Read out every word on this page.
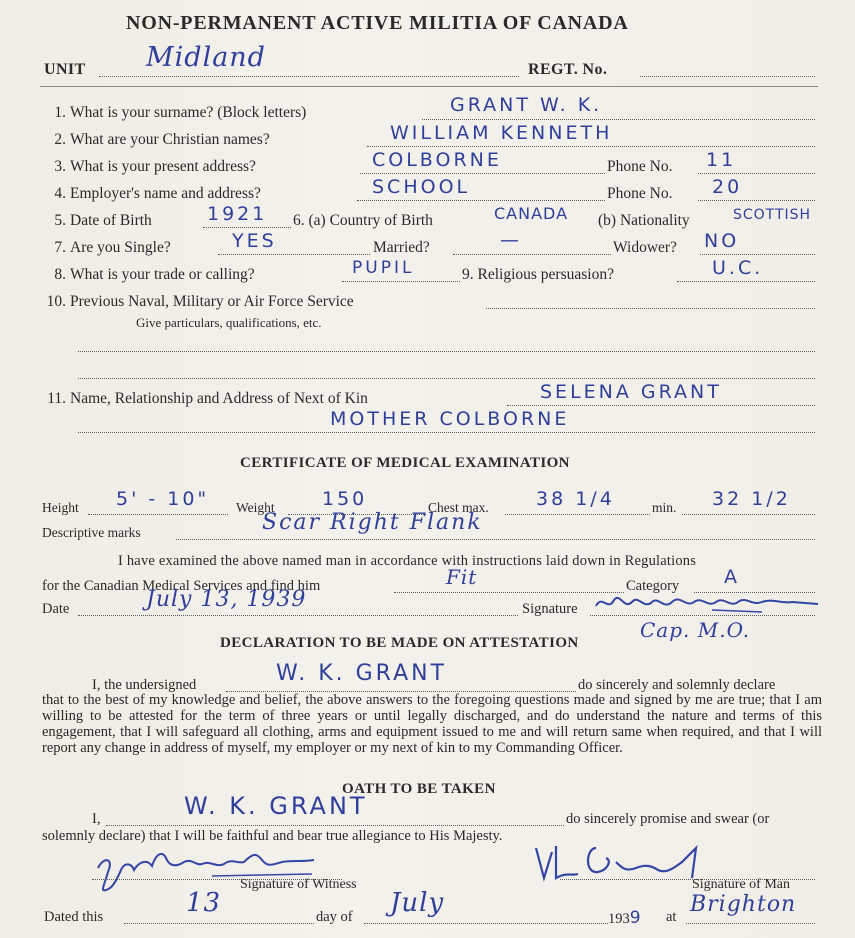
NON-PERMANENT ACTIVE MILITIA OF CANADA
UNIT Midland	REGT. No.
1. What is your surname? (Block letters)	GRANT W. K.
2. What are your Christian names?	WILLIAM KENNETH
3. What is your present address?	COLBORNE	Phone No. 11
4. Employer's name and address?	SCHOOL	Phone No. 20
5. Date of Birth	1921 6. (a) Country of Birth	CANADA (b) Nationality	SCOTTISH
7. Are you Single?	YES	Married?	—	Widower? NO
8. What is your trade or calling?	PUPIL	9. Religious persuasion?	U.C.
10. Previous Naval, Military or Air Force Service
Give particulars, qualifications, etc.
11. Name, Relationship and Address of Next of Kin	SELENA GRANT
MOTHER COLBORNE
CERTIFICATE OF MEDICAL EXAMINATION
Height 5' - 10" Weight 150	Chest max. 38 1/4	min. 32 1/2
Descriptive marks	Scar Right Flank
I have examined the above named man in accordance with instructions laid down in Regulations
for the Canadian Medical Services and find him	Fit	Category A
Date	July 13, 1939	Signature
Cap. M.O.
DECLARATION TO BE MADE ON ATTESTATION
I, the undersigned	W. K. GRANT	do sincerely and solemnly declare
that to the best of my knowledge and belief, the above answers to the foregoing questions made and signed by me are true; that I am willing to be attested for the term of three years or until legally discharged, and do understand the nature and terms of this engagement, that I will safeguard all clothing, arms and equipment issued to me and will return same when required, and that I will report any change in address of myself, my employer or my next of kin to my Commanding Officer.
OATH TO BE TAKEN
I,	W. K. GRANT	do sincerely promise and swear (or
solemnly declare) that I will be faithful and bear true allegiance to His Majesty.
Signature of Witness	Signature of Man
Dated this	13	day of July
1939 at Brighton
